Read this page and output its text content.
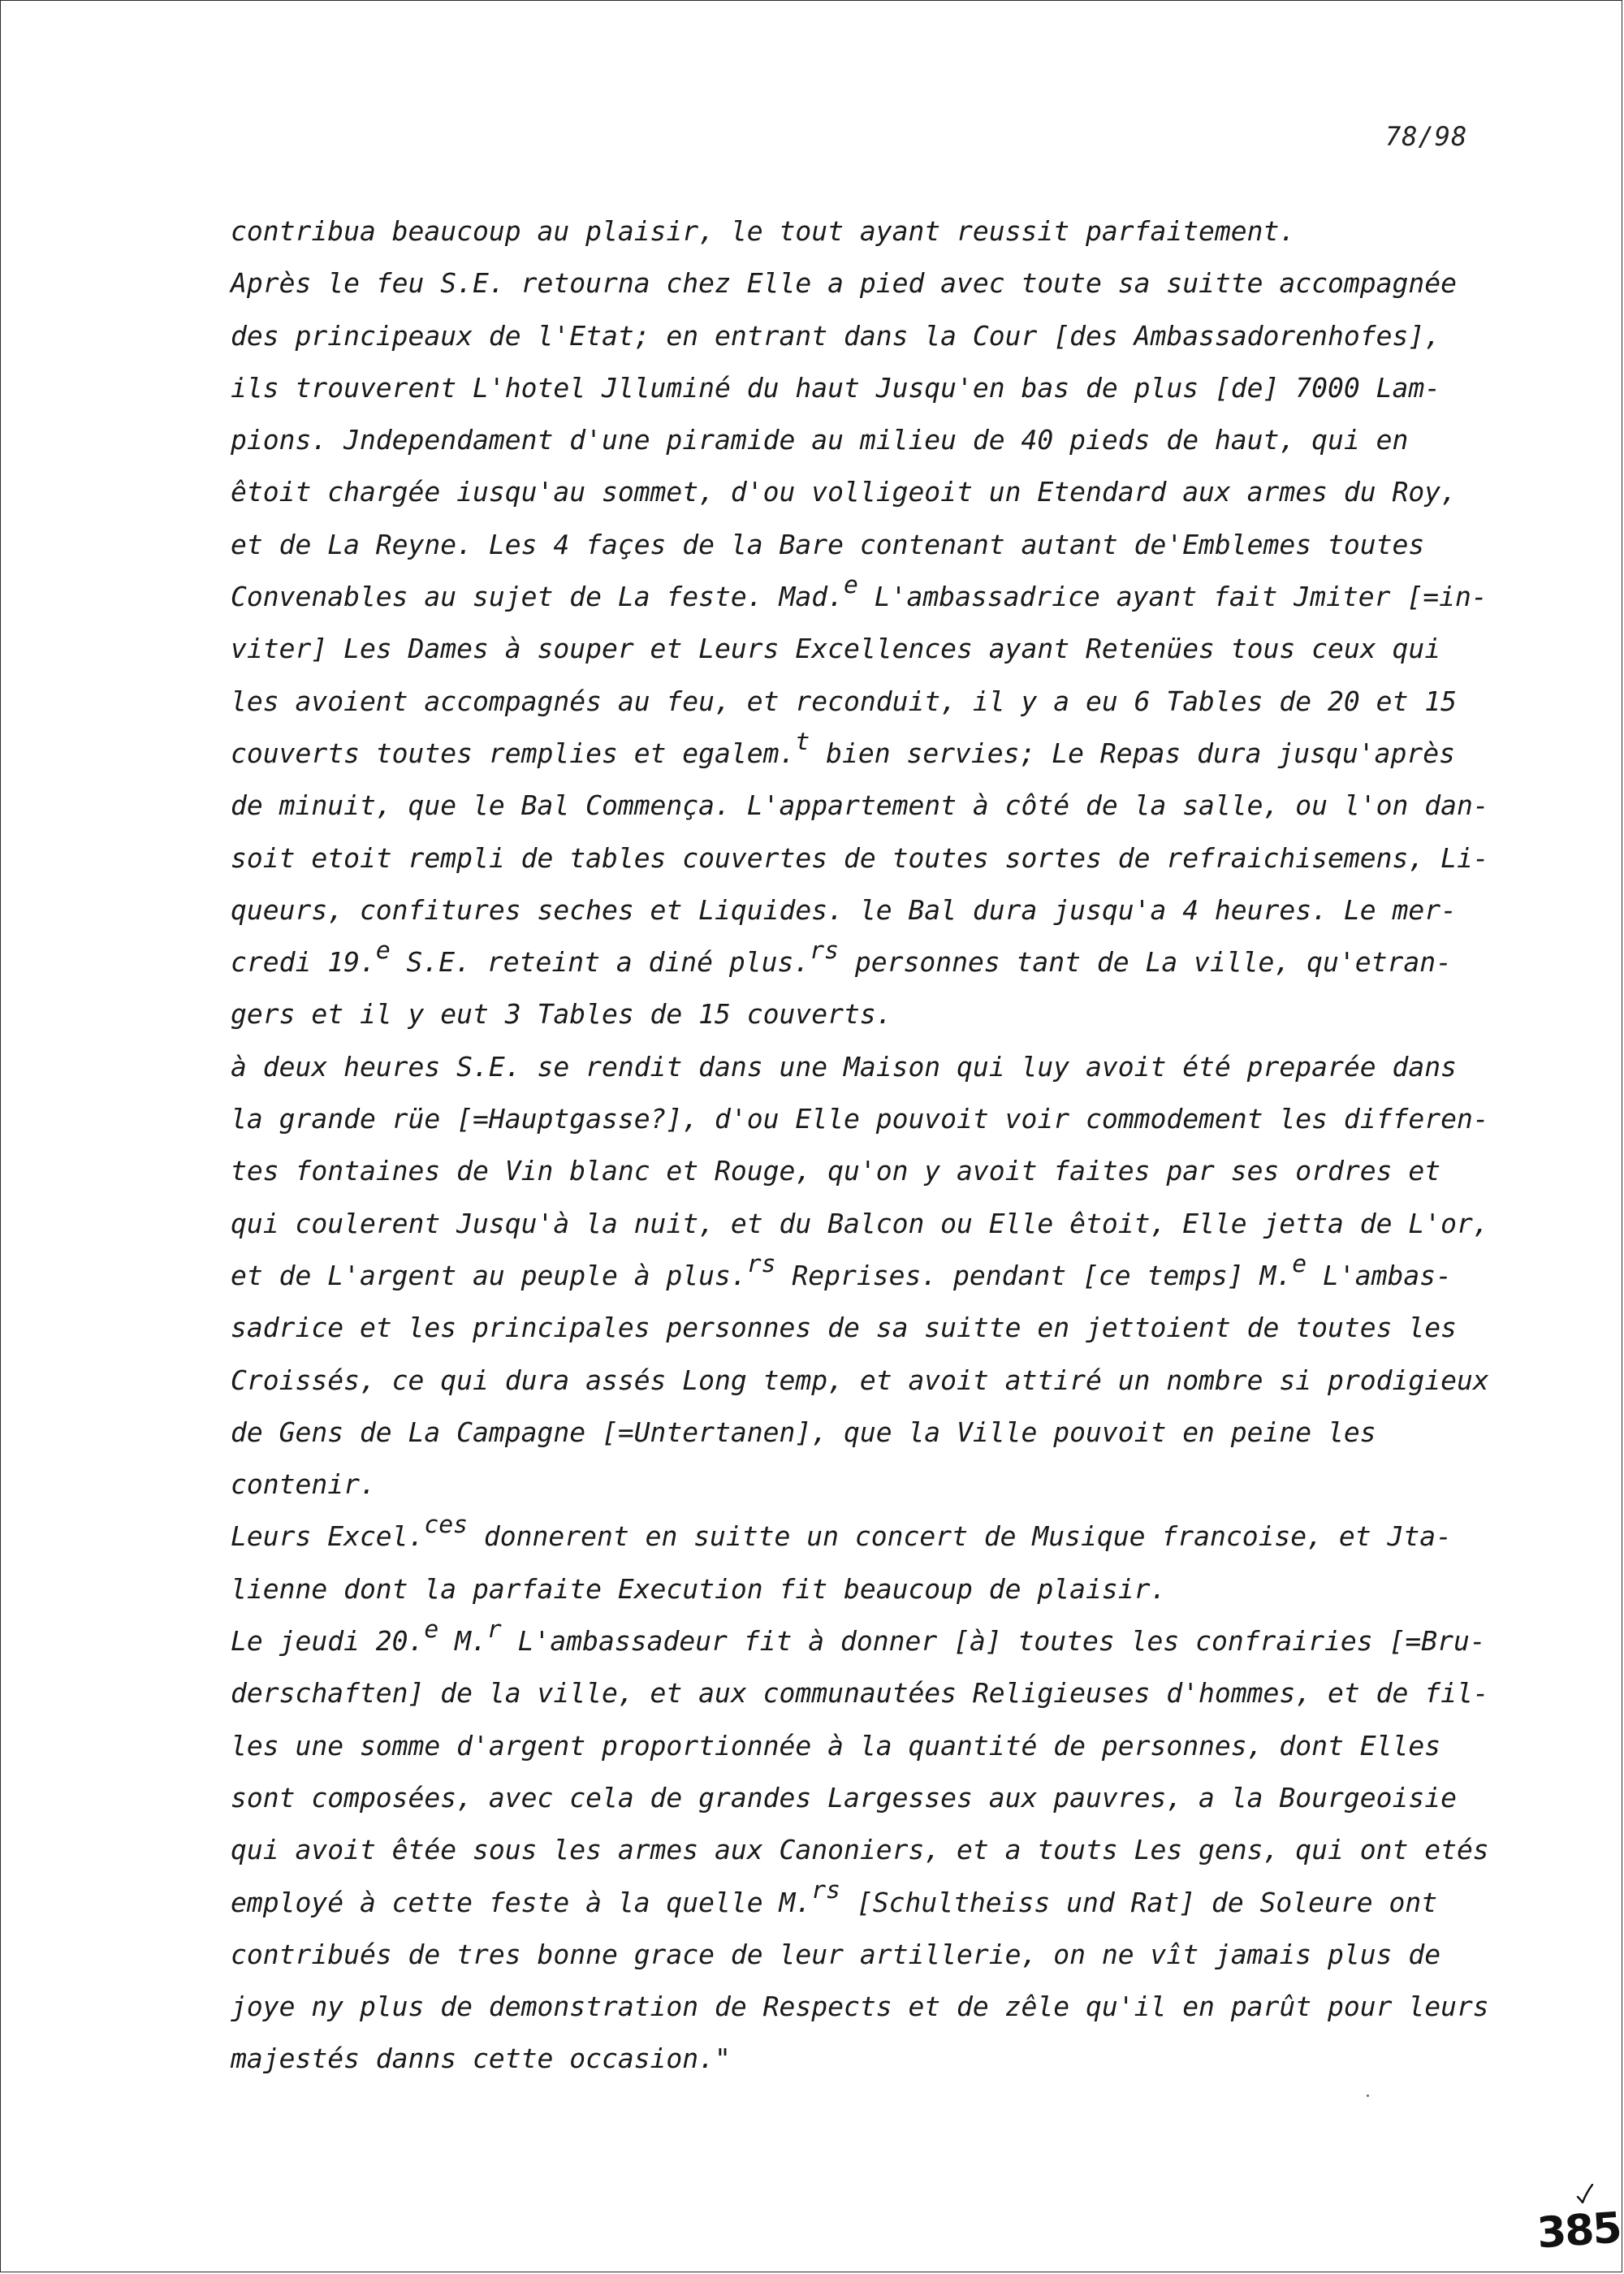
78/98
contribua beaucoup au plaisir, le tout ayant reussit parfaitement.
Après le feu S.E. retourna chez Elle a pied avec toute sa suitte accompagnée
des principeaux de l'Etat; en entrant dans la Cour [des Ambassadorenhofes],
ils trouverent L'hotel Jlluminé du haut Jusqu'en bas de plus [de] 7000 Lam-
pions. Jndependament d'une piramide au milieu de 40 pieds de haut, qui en
êtoit chargée iusqu'au sommet, d'ou volligeoit un Etendard aux armes du Roy,
et de La Reyne. Les 4 façes de la Bare contenant autant de'Emblemes toutes
Convenables au sujet de La feste. Mad.e L'ambassadrice ayant fait Jmiter [=in-
viter] Les Dames à souper et Leurs Excellences ayant Retenües tous ceux qui
les avoient accompagnés au feu, et reconduit, il y a eu 6 Tables de 20 et 15
couverts toutes remplies et egalem.t bien servies; Le Repas dura jusqu'après
de minuit, que le Bal Commença. L'appartement à côté de la salle, ou l'on dan-
soit etoit rempli de tables couvertes de toutes sortes de refraichisemens, Li-
queurs, confitures seches et Liquides. le Bal dura jusqu'a 4 heures. Le mer-
credi 19.e S.E. reteint a diné plus.rs personnes tant de La ville, qu'etran-
gers et il y eut 3 Tables de 15 couverts.
à deux heures S.E. se rendit dans une Maison qui luy avoit été preparée dans
la grande rüe [=Hauptgasse?], d'ou Elle pouvoit voir commodement les differen-
tes fontaines de Vin blanc et Rouge, qu'on y avoit faites par ses ordres et
qui coulerent Jusqu'à la nuit, et du Balcon ou Elle êtoit, Elle jetta de L'or,
et de L'argent au peuple à plus.rs Reprises. pendant [ce temps] M.e L'ambas-
sadrice et les principales personnes de sa suitte en jettoient de toutes les
Croissés, ce qui dura assés Long temp, et avoit attiré un nombre si prodigieux
de Gens de La Campagne [=Untertanen], que la Ville pouvoit en peine les
contenir.
Leurs Excel.ces donnerent en suitte un concert de Musique francoise, et Jta-
lienne dont la parfaite Execution fit beaucoup de plaisir.
Le jeudi 20.e M.r L'ambassadeur fit à donner [à] toutes les confrairies [=Bru-
derschaften] de la ville, et aux communautées Religieuses d'hommes, et de fil-
les une somme d'argent proportionnée à la quantité de personnes, dont Elles
sont composées, avec cela de grandes Largesses aux pauvres, a la Bourgeoisie
qui avoit êtée sous les armes aux Canoniers, et a touts Les gens, qui ont etés
employé à cette feste à la quelle M.rs [Schultheiss und Rat] de Soleure ont
contribués de tres bonne grace de leur artillerie, on ne vît jamais plus de
joye ny plus de demonstration de Respects et de zêle qu'il en parût pour leurs
majestés danns cette occasion."
385
